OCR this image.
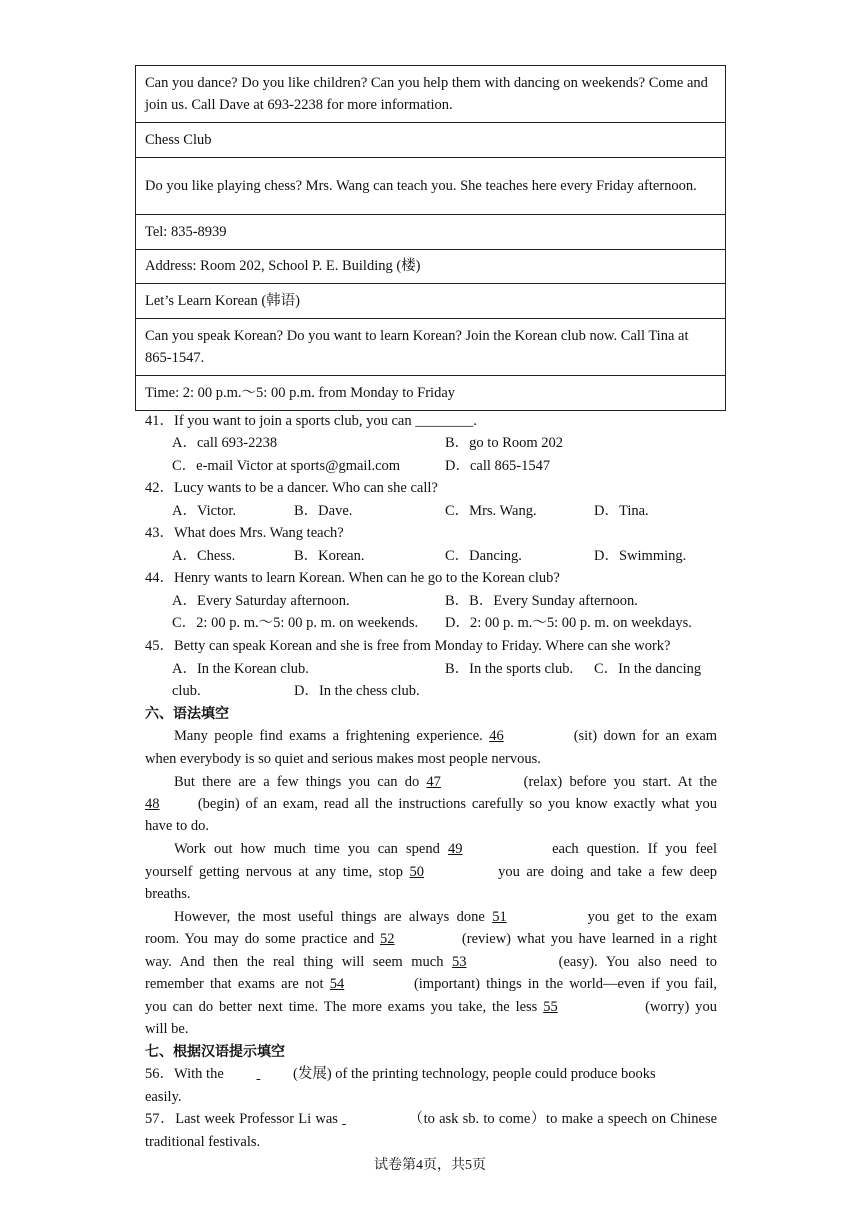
Can you dance? Do you like children? Can you help them with dancing on weekends? Come and join us. Call Dave at 693-2238 for more information.
Chess Club
Do you like playing chess? Mrs. Wang can teach you. She teaches here every Friday afternoon.
Tel: 835-8939
Address: Room 202, School P. E. Building (楼)
Let’s Learn Korean (韩语)
Can you speak Korean? Do you want to learn Korean? Join the Korean club now. Call Tina at 865-1547.
Time: 2: 00 p.m.～5: 00 p.m. from Monday to Friday
41．If you want to join a sports club, you can ________.
A．call 693-2238	B．go to Room 202
C．e-mail Victor at sports@gmail.com	D．call 865-1547
42．Lucy wants to be a dancer. Who can she call?
A．Victor.	B．Dave.	C．Mrs. Wang.	D．Tina.
43．What does Mrs. Wang teach?
A．Chess.	B．Korean.	C．Dancing.	D．Swimming.
44．Henry wants to learn Korean. When can he go to the Korean club?
A．Every Saturday afternoon.	B．B．Every Sunday afternoon.
C．2: 00 p. m.～5: 00 p. m. on weekends. D．2: 00 p. m.～5: 00 p. m. on weekdays.
45．Betty can speak Korean and she is free from Monday to Friday. Where can she work?
A．In the Korean club.	B．In the sports club. C．In the dancing
club.	D．In the chess club.
六、语法填空
Many people find exams a frightening experience. 46	(sit) down for an exam
when everybody is so quiet and serious makes most people nervous.
But there are a few things you can do 47	(relax) before you start. At the
48	(begin) of an exam, read all the instructions carefully so you know exactly what you
have to do.
Work out how much time you can spend 49	each question. If you feel
yourself getting nervous at any time, stop 50	you are doing and take a few deep
breaths.
However, the most useful things are always done 51	you get to the exam
room. You may do some practice and 52	(review) what you have learned in a right
way. And then the real thing will seem much 53	(easy). You also need to
remember that exams are not 54	(important) things in the world—even if you fail,
you can do better next time. The more exams you take, the less 55	(worry) you
will be.
七、根据汉语提示填空
56．With the	(发展) of the printing technology, people could produce books
easily.
57．Last week Professor Li was	（to ask sb. to come）to make a speech on Chinese
traditional festivals.
试卷第4页，共5页
